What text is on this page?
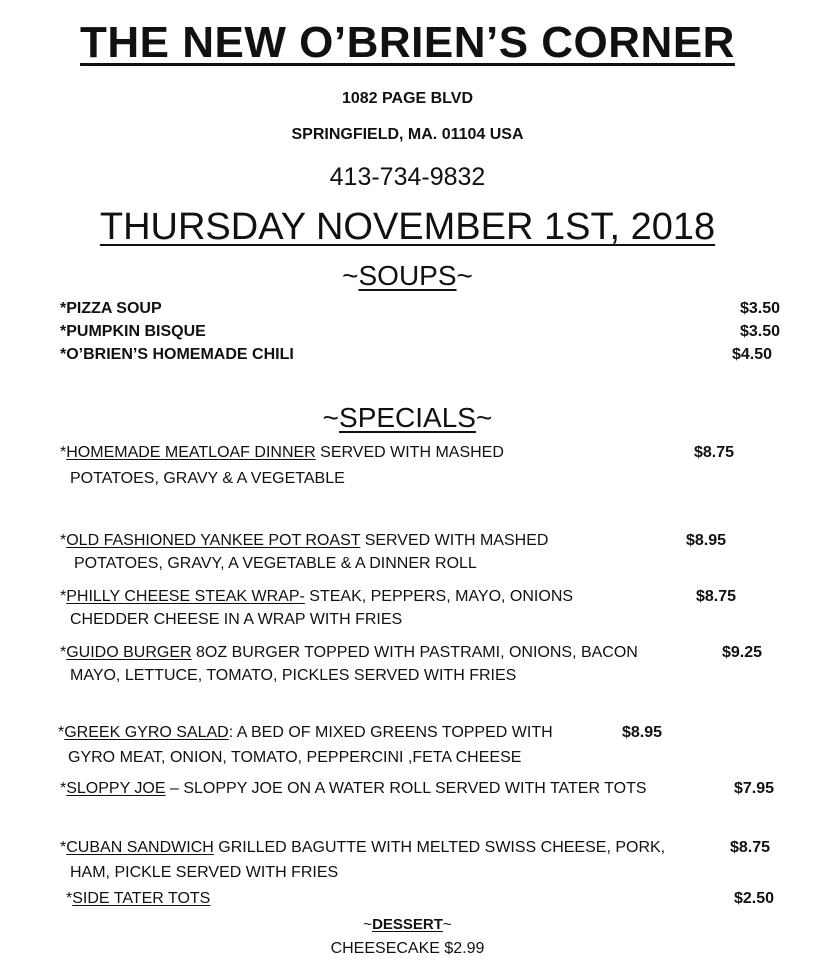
THE NEW O’BRIEN’S CORNER
1082 PAGE BLVD
SPRINGFIELD, MA. 01104 USA
413-734-9832
THURSDAY NOVEMBER 1ST, 2018
~SOUPS~
*PIZZA SOUP	$3.50
*PUMPKIN BISQUE	$3.50
*O’BRIEN’S HOMEMADE CHILI	$4.50
~SPECIALS~
*HOMEMADE MEATLOAF DINNER SERVED WITH MASHED
POTATOES, GRAVY & A VEGETABLE
$8.75
*OLD FASHIONED YANKEE POT ROAST SERVED WITH MASHED
POTATOES, GRAVY, A VEGETABLE & A DINNER ROLL
$8.95
*PHILLY CHEESE STEAK WRAP- STEAK, PEPPERS, MAYO, ONIONS
CHEDDER CHEESE IN A WRAP WITH FRIES
$8.75
*GUIDO BURGER 8OZ BURGER TOPPED WITH PASTRAMI, ONIONS, BACON
MAYO, LETTUCE, TOMATO, PICKLES SERVED WITH FRIES
$9.25
*GREEK GYRO SALAD: A BED OF MIXED GREENS TOPPED WITH
GYRO MEAT, ONION, TOMATO, PEPPERCINI ,FETA CHEESE
$8.95
*SLOPPY JOE – SLOPPY JOE ON A WATER ROLL SERVED WITH TATER TOTS	$7.95
*CUBAN SANDWICH GRILLED BAGUTTE WITH MELTED SWISS CHEESE, PORK,
HAM, PICKLE SERVED WITH FRIES
$8.75
*SIDE TATER TOTS	$2.50
~DESSERT~
CHEESECAKE $2.99
